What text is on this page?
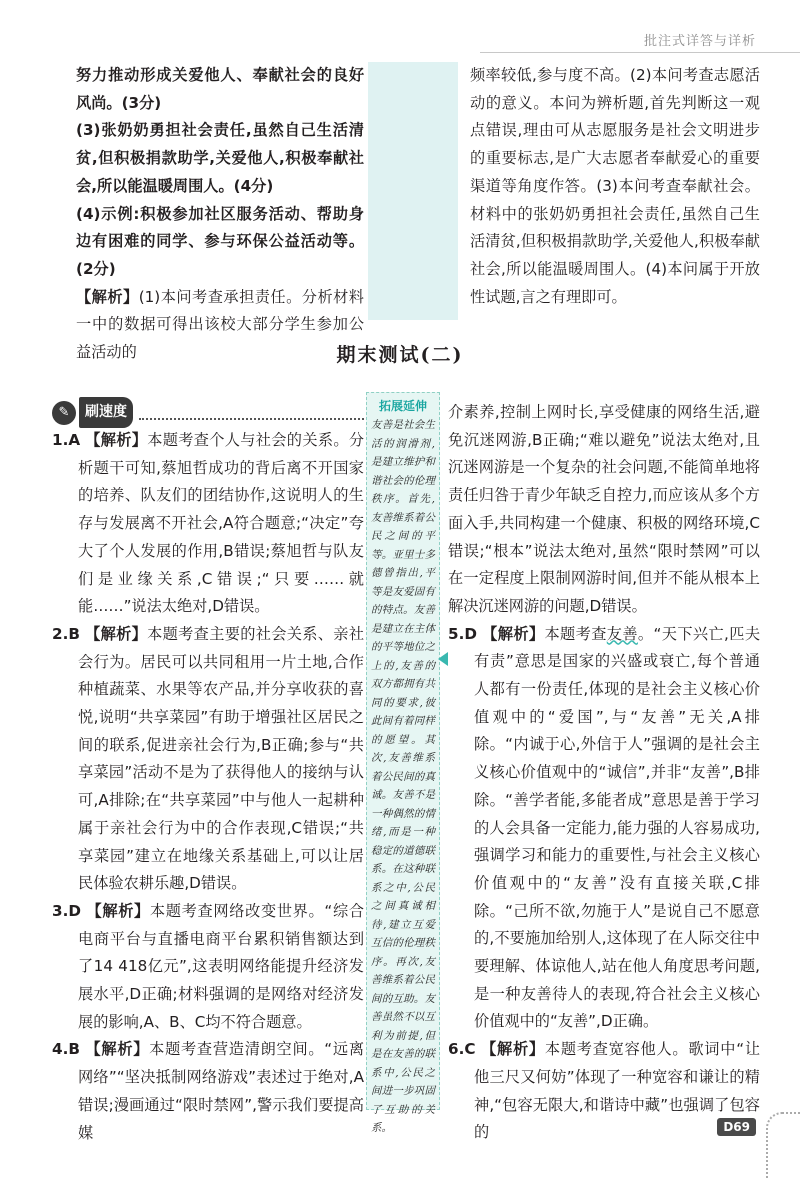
批注式详答与详析
努力推动形成关爱他人、奉献社会的良好风尚。(3分)
(3)张奶奶勇担社会责任,虽然自己生活清贫,但积极捐款助学,关爱他人,积极奉献社会,所以能温暖周围人。(4分)
(4)示例:积极参加社区服务活动、帮助身边有困难的同学、参与环保公益活动等。(2分)
【解析】(1)本问考查承担责任。分析材料一中的数据可得出该校大部分学生参加公益活动的
频率较低,参与度不高。(2)本问考查志愿活动的意义。本问为辨析题,首先判断这一观点错误,理由可从志愿服务是社会文明进步的重要标志,是广大志愿者奉献爱心的重要渠道等角度作答。(3)本问考查奉献社会。材料中的张奶奶勇担社会责任,虽然自己生活清贫,但积极捐款助学,关爱他人,积极奉献社会,所以能温暖周围人。(4)本问属于开放性试题,言之有理即可。
期末测试(二)
✎	刷速度
1.A 【解析】本题考查个人与社会的关系。分析题干可知,蔡旭哲成功的背后离不开国家的培养、队友们的团结协作,这说明人的生存与发展离不开社会,A符合题意;“决定”夸大了个人发展的作用,B错误;蔡旭哲与队友们是业缘关系,C错误;“只要……就能……”说法太绝对,D错误。
2.B 【解析】本题考查主要的社会关系、亲社会行为。居民可以共同租用一片土地,合作种植蔬菜、水果等农产品,并分享收获的喜悦,说明“共享菜园”有助于增强社区居民之间的联系,促进亲社会行为,B正确;参与“共享菜园”活动不是为了获得他人的接纳与认可,A排除;在“共享菜园”中与他人一起耕种属于亲社会行为中的合作表现,C错误;“共享菜园”建立在地缘关系基础上,可以让居民体验农耕乐趣,D错误。
3.D 【解析】本题考查网络改变世界。“综合电商平台与直播电商平台累积销售额达到了14 418亿元”,这表明网络能提升经济发展水平,D正确;材料强调的是网络对经济发展的影响,A、B、C均不符合题意。
4.B 【解析】本题考查营造清朗空间。“远离网络”“坚决抵制网络游戏”表述过于绝对,A错误;漫画通过“限时禁网”,警示我们要提高媒
拓展延伸
友善是社会生活的润滑剂,是建立维护和谐社会的伦理秩序。首先,友善维系着公民之间的平等。亚里士多德曾指出,平等是友爱固有的特点。友善是建立在主体的平等地位之上的,友善的双方都拥有共同的要求,彼此间有着同样的愿望。其次,友善维系着公民间的真诚。友善不是一种偶然的情绪,而是一种稳定的道德联系。在这种联系之中,公民之间真诚相待,建立互爱互信的伦理秩序。再次,友善维系着公民间的互助。友善虽然不以互利为前提,但是在友善的联系中,公民之间进一步巩固了互助的关系。
介素养,控制上网时长,享受健康的网络生活,避免沉迷网游,B正确;“难以避免”说法太绝对,且沉迷网游是一个复杂的社会问题,不能简单地将责任归咎于青少年缺乏自控力,而应该从多个方面入手,共同构建一个健康、积极的网络环境,C错误;“根本”说法太绝对,虽然“限时禁网”可以在一定程度上限制网游时间,但并不能从根本上解决沉迷网游的问题,D错误。
5.D 【解析】本题考查友善。“天下兴亡,匹夫有责”意思是国家的兴盛或衰亡,每个普通人都有一份责任,体现的是社会主义核心价值观中的“爱国”,与“友善”无关,A排除。“内诚于心,外信于人”强调的是社会主义核心价值观中的“诚信”,并非“友善”,B排除。“善学者能,多能者成”意思是善于学习的人会具备一定能力,能力强的人容易成功,强调学习和能力的重要性,与社会主义核心价值观中的“友善”没有直接关联,C排除。“己所不欲,勿施于人”是说自己不愿意的,不要施加给别人,这体现了在人际交往中要理解、体谅他人,站在他人角度思考问题,是一种友善待人的表现,符合社会主义核心价值观中的“友善”,D正确。
6.C 【解析】本题考查宽容他人。歌词中“让他三尺又何妨”体现了一种宽容和谦让的精神,“包容无限大,和谐诗中藏”也强调了包容的	D69
